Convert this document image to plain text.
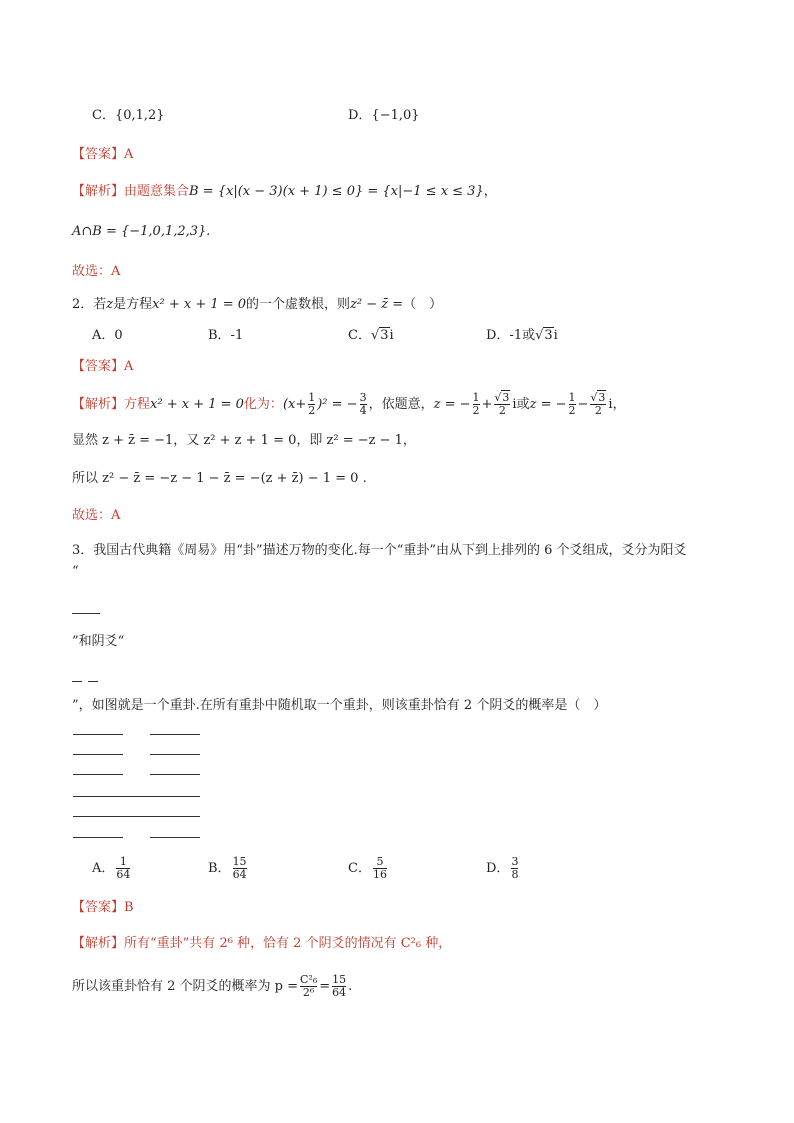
C．{0,1,2}	D．{−1,0}
【答案】A
【解析】由题意集合B = {x|(x − 3)(x + 1) ≤ 0} = {x|−1 ≤ x ≤ 3}，
A∩B = {−1,0,1,2,3}.
故选：A
2．若z是方程x² + x + 1 = 0的一个虚数根，则z² − z̄ =（　）
A．0	B．-1	C．√3i	D．-1或√3i
【答案】A
【解析】方程x² + x + 1 = 0化为：$(x+ \frac{1}{2} )^2$ = − $\frac{3}{4}$ ，依题意，z = − $\frac{1}{2} + \frac{√3}{2}$ i或z = − $\frac{1}{2} - \frac{√3}{2}$ i，
显然 z + z̄ = −1，又 z² + z + 1 = 0，即 z² = −z − 1，
所以 z² − z̄ = −z − 1 − z̄ = −(z + z̄) − 1 = 0 .
故选：A
3．我国古代典籍《周易》用“卦”描述万物的变化.每一个“重卦”由从下到上排列的 6 个爻组成，爻分为阳爻
“
”和阴爻“
”，如图就是一个重卦.在所有重卦中随机取一个重卦，则该重卦恰有 2 个阴爻的概率是（　）
A． $\frac{1}{64}$	B． $\frac{15}{64}$	C． $\frac{5}{16}$	D． $\frac{3}{8}$
【答案】B
【解析】所有“重卦”共有 2⁶ 种，恰有 2 个阴爻的情况有 C²₆ 种，
所以该重卦恰有 2 个阴爻的概率为 $p = \frac{\text{C²₆}}{\text{2⁶}} = \frac{15}{64}$ .
